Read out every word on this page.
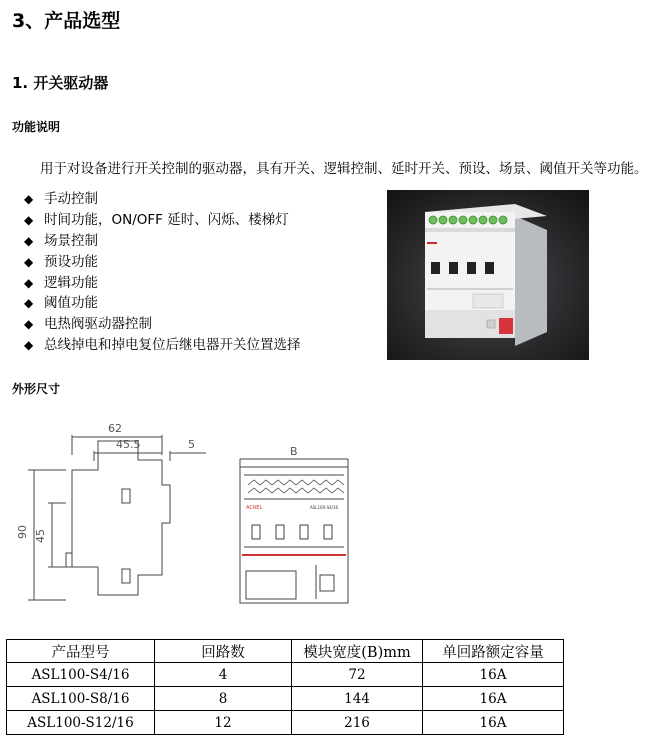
3、产品选型
1. 开关驱动器
功能说明
用于对设备进行开关控制的驱动器，具有开关、逻辑控制、延时开关、预设、场景、阈值开关等功能。
◆ 手动控制
◆ 时间功能，ON/OFF 延时、闪烁、楼梯灯
◆ 场景控制
◆ 预设功能
◆ 逻辑功能
◆ 阈值功能
◆ 电热阀驱动器控制
◆ 总线掉电和掉电复位后继电器开关位置选择
外形尺寸
62
45.5	5
90 45
B
ACREL	ASL100-S4/16
产品型号	回路数	模块宽度(B)mm	单回路额定容量
ASL100-S4/16	4	72	16A
ASL100-S8/16	8	144	16A
ASL100-S12/16	12	216	16A
